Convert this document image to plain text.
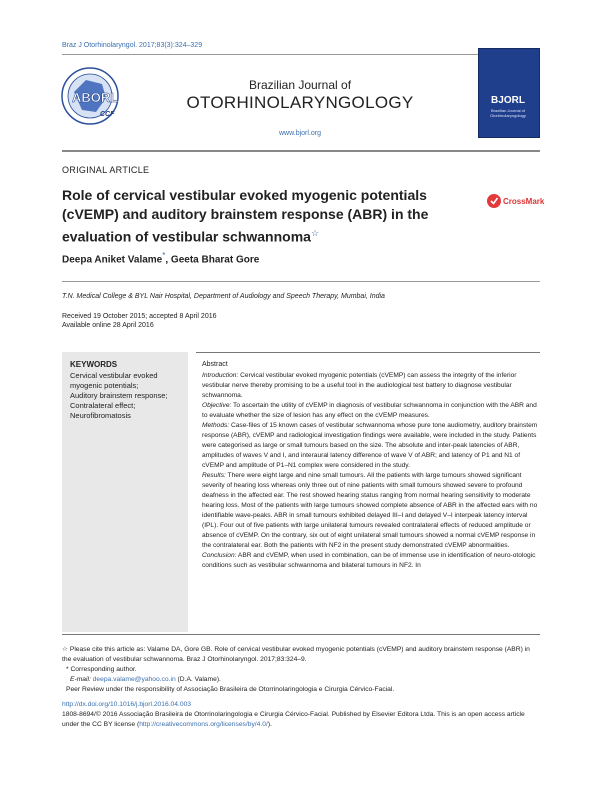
Braz J Otorhinolaryngol. 2017;83(3):324–329
ABORL
CCF
Brazilian Journal of
OTORHINOLARYNGOLOGY
www.bjorl.org
BJORL
Brazilian Journal of Otorhinolaryngology
ORIGINAL ARTICLE
Role of cervical vestibular evoked myogenic potentials (cVEMP) and auditory brainstem response (ABR) in the evaluation of vestibular schwannoma☆
CrossMark
Deepa Aniket Valame*, Geeta Bharat Gore
T.N. Medical College & BYL Nair Hospital, Department of Audiology and Speech Therapy, Mumbai, India
Received 19 October 2015; accepted 8 April 2016
Available online 28 April 2016
KEYWORDS
Cervical vestibular evoked myogenic potentials;
Auditory brainstem response;
Contralateral effect;
Neurofibromatosis
Abstract

Introduction: Cervical vestibular evoked myogenic potentials (cVEMP) can assess the integrity of the inferior vestibular nerve thereby promising to be a useful tool in the audiological test battery to diagnose vestibular schwannoma.

Objective: To ascertain the utility of cVEMP in diagnosis of vestibular schwannoma in conjunction with the ABR and to evaluate whether the size of lesion has any effect on the cVEMP measures.

Methods: Case-files of 15 known cases of vestibular schwannoma whose pure tone audiometry, auditory brainstem response (ABR), cVEMP and radiological investigation findings were available, were included in the study. Patients were categorised as large or small tumours based on the size. The absolute and inter-peak latencies of ABR, amplitudes of waves V and I, and interaural latency difference of wave V of ABR; and latency of P1 and N1 of cVEMP and amplitude of P1–N1 complex were considered in the study.

Results: There were eight large and nine small tumours. All the patients with large tumours showed significant severity of hearing loss whereas only three out of nine patients with small tumours showed severe to profound deafness in the affected ear. The rest showed hearing status ranging from normal hearing sensitivity to moderate hearing loss. Most of the patients with large tumours showed complete absence of ABR in the affected ears with no identifiable wave-peaks. ABR in small tumours exhibited delayed III–I and delayed V–I interpeak latency interval (IPL). Four out of five patients with large unilateral tumours revealed contralateral effects of reduced amplitude or absence of cVEMP. On the contrary, six out of eight unilateral small tumours showed a normal cVEMP response in the contralateral ear. Both the patients with NF2 in the present study demonstrated cVEMP abnormalities.

Conclusion: ABR and cVEMP, when used in combination, can be of immense use in identification of neuro-otologic conditions such as vestibular schwannoma and bilateral tumours in NF2. In

☆ Please cite this article as: Valame DA, Gore GB. Role of cervical vestibular evoked myogenic potentials (cVEMP) and auditory brainstem response (ABR) in the evaluation of vestibular schwannoma. Braz J Otorhinolaryngol. 2017;83:324–9.

* Corresponding author.

E-mail: deepa.valame@yahoo.co.in (D.A. Valame).

Peer Review under the responsibility of Associação Brasileira de Otorrinolaringologia e Cirurgia Cérvico-Facial.

http://dx.doi.org/10.1016/j.bjorl.2016.04.003

1808-8694/© 2016 Associação Brasileira de Otorrinolaringologia e Cirurgia Cérvico-Facial. Published by Elsevier Editora Ltda. This is an open access article under the CC BY license (http://creativecommons.org/licenses/by/4.0/).
